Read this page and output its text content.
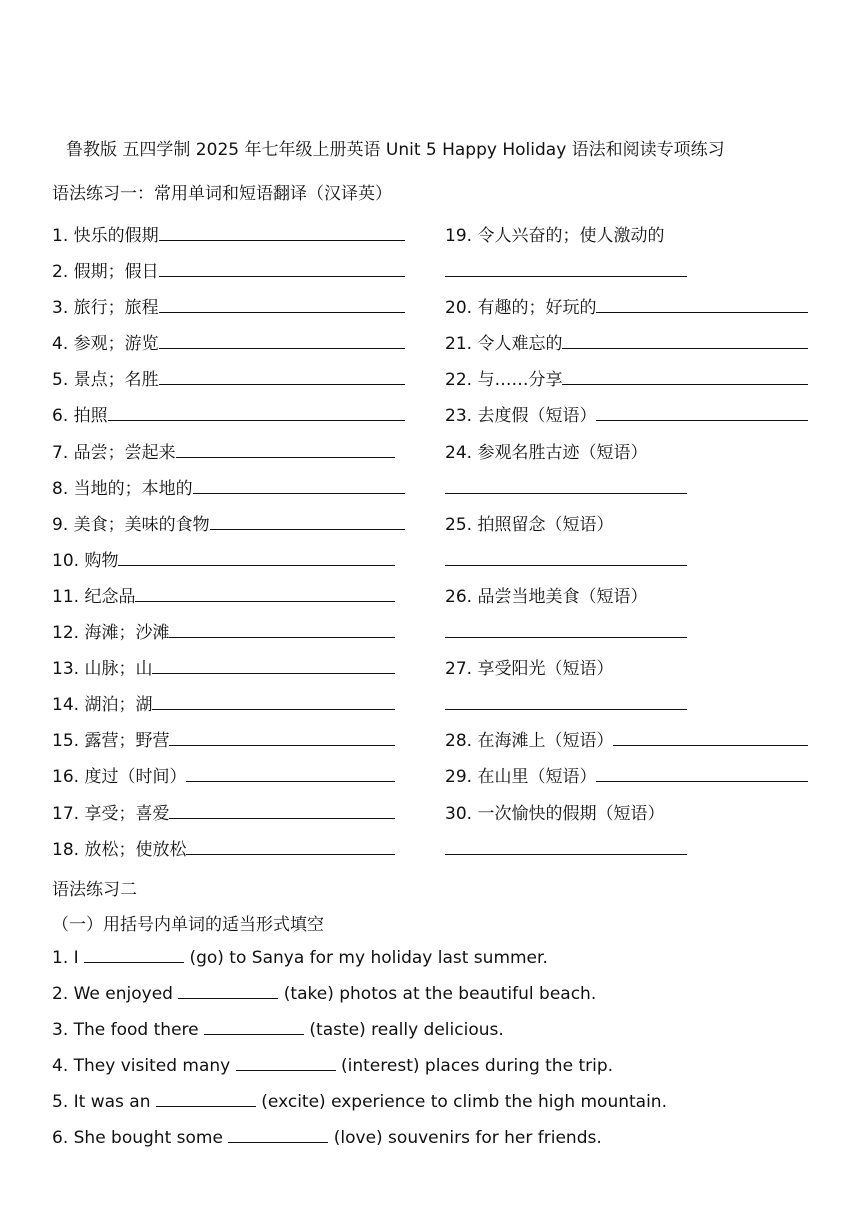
鲁教版 五四学制 2025 年七年级上册英语 Unit 5 Happy Holiday 语法和阅读专项练习
语法练习一：常用单词和短语翻译（汉译英）
1. 快乐的假期
2. 假期；假日
3. 旅行；旅程
4. 参观；游览
5. 景点；名胜
6. 拍照
7. 品尝；尝起来
8. 当地的；本地的
9. 美食；美味的食物
10. 购物
11. 纪念品
12. 海滩；沙滩
13. 山脉；山
14. 湖泊；湖
15. 露营；野营
16. 度过（时间）
17. 享受；喜爱
18. 放松；使放松
19. 令人兴奋的；使人激动的
20. 有趣的；好玩的
21. 令人难忘的
22. 与……分享
23. 去度假（短语）
24. 参观名胜古迹（短语）
25. 拍照留念（短语）
26. 品尝当地美食（短语）
27. 享受阳光（短语）
28. 在海滩上（短语）
29. 在山里（短语）
30. 一次愉快的假期（短语）
语法练习二
（一）用括号内单词的适当形式填空
1. I	(go) to Sanya for my holiday last summer.
2. We enjoyed	(take) photos at the beautiful beach.
3. The food there	(taste) really delicious.
4. They visited many	(interest) places during the trip.
5. It was an	(excite) experience to climb the high mountain.
6. She bought some	(love) souvenirs for her friends.
